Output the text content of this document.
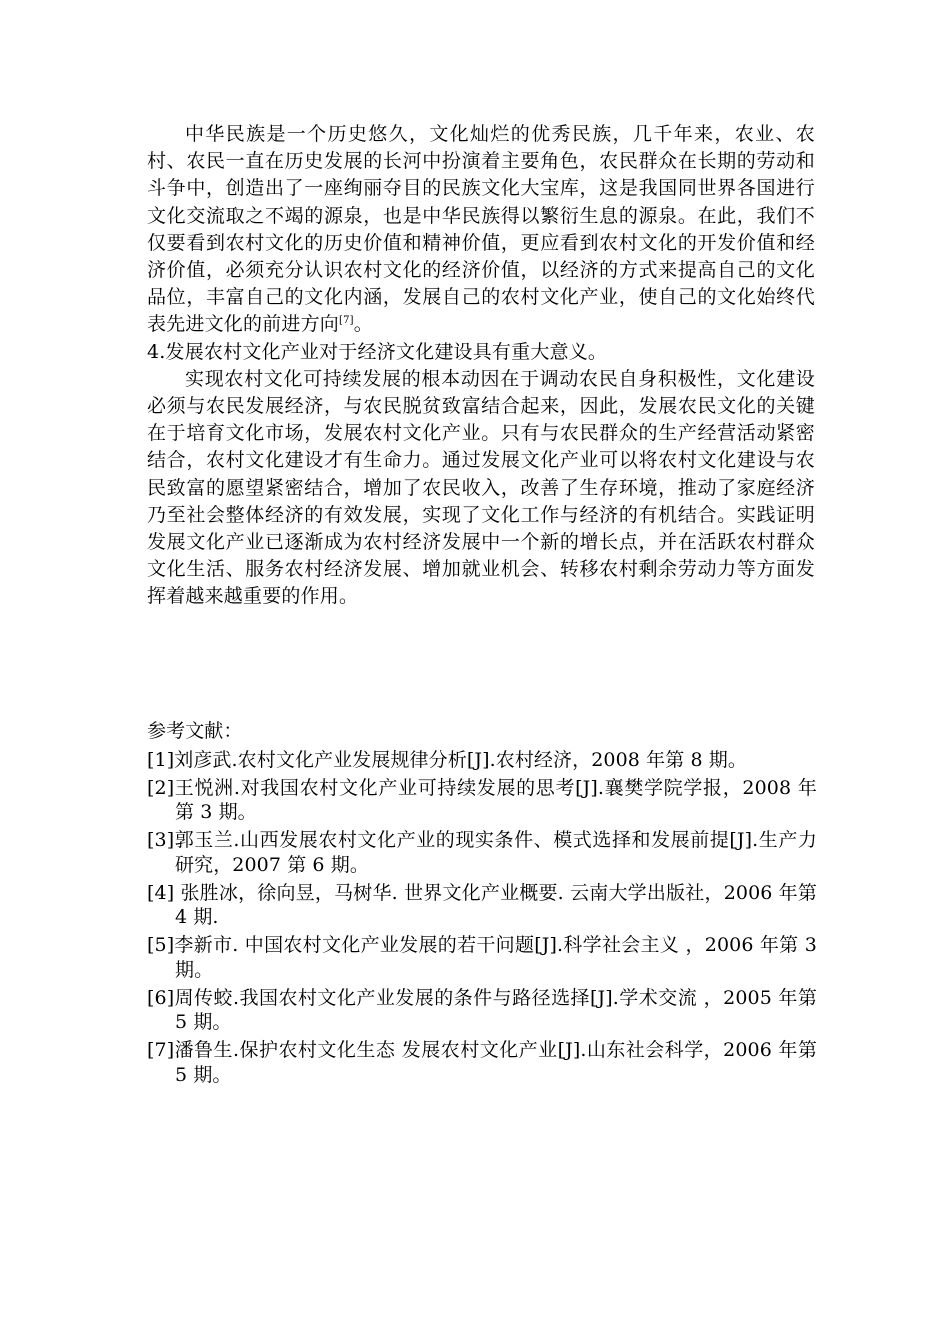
中华民族是一个历史悠久，文化灿烂的优秀民族，几千年来，农业、农村、农民一直在历史发展的长河中扮演着主要角色，农民群众在长期的劳动和斗争中，创造出了一座绚丽夺目的民族文化大宝库，这是我国同世界各国进行文化交流取之不竭的源泉，也是中华民族得以繁衍生息的源泉。在此，我们不仅要看到农村文化的历史价值和精神价值，更应看到农村文化的开发价值和经济价值，必须充分认识农村文化的经济价值，以经济的方式来提高自己的文化品位，丰富自己的文化内涵，发展自己的农村文化产业，使自己的文化始终代表先进文化的前进方向[7]。

4.发展农村文化产业对于经济文化建设具有重大意义。

实现农村文化可持续发展的根本动因在于调动农民自身积极性，文化建设必须与农民发展经济，与农民脱贫致富结合起来，因此，发展农民文化的关键在于培育文化市场，发展农村文化产业。只有与农民群众的生产经营活动紧密结合，农村文化建设才有生命力。通过发展文化产业可以将农村文化建设与农民致富的愿望紧密结合，增加了农民收入，改善了生存环境，推动了家庭经济乃至社会整体经济的有效发展，实现了文化工作与经济的有机结合。实践证明发展文化产业已逐渐成为农村经济发展中一个新的增长点，并在活跃农村群众文化生活、服务农村经济发展、增加就业机会、转移农村剩余劳动力等方面发挥着越来越重要的作用。

参考文献：

[1]刘彦武.农村文化产业发展规律分析[J].农村经济，2008 年第 8 期。

[2]王悦洲.对我国农村文化产业可持续发展的思考[J].襄樊学院学报，2008 年第 3 期。

[3]郭玉兰.山西发展农村文化产业的现实条件、模式选择和发展前提[J].生产力研究，2007 第 6 期。

[4] 张胜冰，徐向昱，马树华. 世界文化产业概要. 云南大学出版社，2006 年第 4 期.

[5]李新市. 中国农村文化产业发展的若干问题[J].科学社会主义 ，2006 年第 3 期。

[6]周传蛟.我国农村文化产业发展的条件与路径选择[J].学术交流 ，2005 年第 5 期。

[7]潘鲁生.保护农村文化生态 发展农村文化产业[J].山东社会科学，2006 年第 5 期。
